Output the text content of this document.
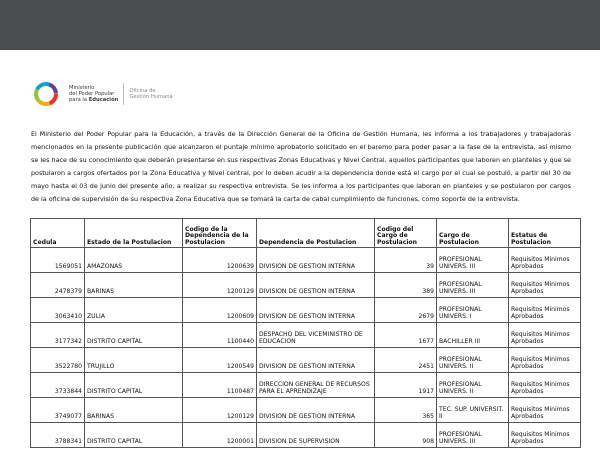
Ministerio
del Poder Popular
para la Educación
Oficina de
Gestión Humana

El Ministerio del Poder Popular para la Educación, a través de la Dirección General de la Oficina de Gestión Humana, les informa a los trabajadores y trabajadoras mencionados en la presente publicación que alcanzaron el puntaje mínimo aprobatorio solicitado en el baremo para poder pasar a la fase de la entrevista, así mismo se les hace de su conocimiento que deberán presentarse en sus respectivas Zonas Educativas y Nivel Central, aquellos participantes que laboren en planteles y que se postularon a cargos ofertados por la Zona Educativa y Nivel central, por lo deben acudir a la dependencia donde está el cargo por el cual se postuló, a partir del 30 de mayo hasta el 03 de junio del presente año, a realizar su respectiva entrevista. Se les informa a los participantes que laboran en planteles y se postularon por cargos de la oficina de supervisión de su respectiva Zona Educativa que se tomará la carta de cabal cumplimiento de funciones, como soporte de la entrevista.

Cedula	Estado de la Postulacion	Codigo de la Dependencia de la Postulacion	Dependencia de Postulacion	Codigo del Cargo de Postulacion	Cargo de Postulacion	Estatus de Postulacion
1569051	AMAZONAS	1200639	DIVISION DE GESTION INTERNA	39	PROFESIONAL UNIVERS. III	Requisitos Minimos Aprobados
2478379	BARINAS	1200129	DIVISION DE GESTION INTERNA	389	PROFESIONAL UNIVERS. III	Requisitos Minimos Aprobados
3063410	ZULIA	1200609	DIVISION DE GESTION INTERNA	2679	PROFESIONAL UNIVERS. I	Requisitos Minimos Aprobados
3177342	DISTRITO CAPITAL	1100440	DESPACHO DEL VICEMINISTRO DE EDUCACION	1677	BACHILLER III	Requisitos Minimos Aprobados
3522780	TRUJILLO	1200549	DIVISION DE GESTION INTERNA	2451	PROFESIONAL UNIVERS. II	Requisitos Minimos Aprobados
3733844	DISTRITO CAPITAL	1100487	DIRECCION GENERAL DE RECURSOS PARA EL APRENDIZAJE	1917	PROFESIONAL UNIVERS. II	Requisitos Minimos Aprobados
3749077	BARINAS	1200129	DIVISION DE GESTION INTERNA	365	TEC. SUP. UNIVERSIT. II	Requisitos Minimos Aprobados
3788341	DISTRITO CAPITAL	1200001	DIVISION DE SUPERVISION	908	PROFESIONAL UNIVERS. III	Requisitos Minimos Aprobados
